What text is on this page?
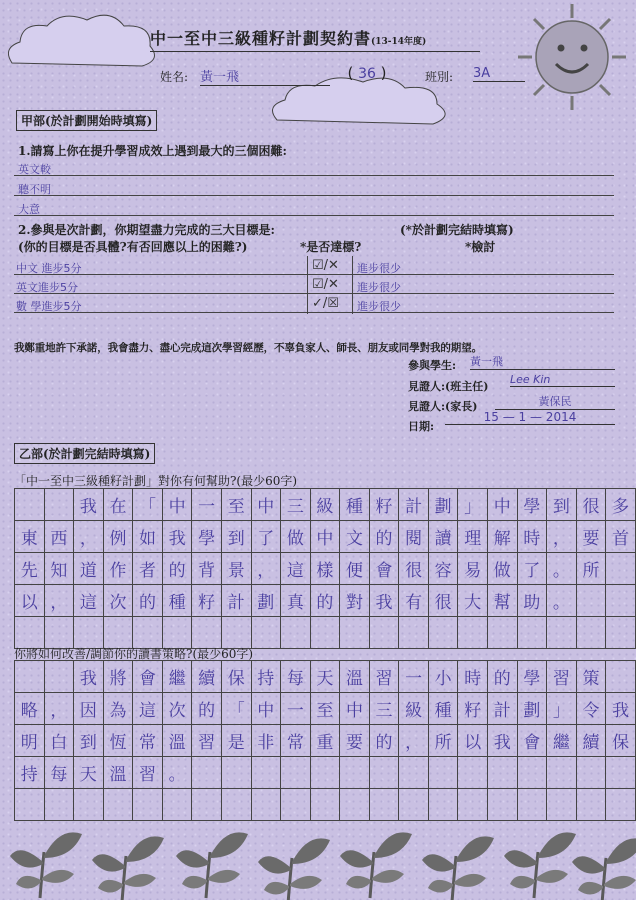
中一至中三級種籽計劃契約書(13-14年度)
姓名: 黃一飛	( 36 )	班別: 3A
甲部(於計劃開始時填寫)
1.請寫上你在提升學習成效上遇到最大的三個困難:
英文較
聽不明
大意
2.參與是次計劃，你期望盡力完成的三大目標是:	(*於計劃完結時填寫)
(你的目標是否具體?有否回應以上的困難?)	*是否達標?	*檢討
中文 進步5分	☑/✕ 進步很少
英文進步5分	☑/✕ 進步很少
數 學進步5分	✓/☒ 進步很少
我鄭重地許下承諾，我會盡力、盡心完成這次學習經歷，不辜負家人、師長、朋友或同學對我的期望。
參與學生: 黃一飛
見證人:(班主任)
Lee Kin
見證人:(家長)	黃保民
日期:
15 — 1 — 2014
乙部(於計劃完結時填寫)
「中一至中三級種籽計劃」對你有何幫助?(最少60字)
		我	在	「	中	一	至	中	三	級	種	籽	計	劃	」	中	學	到	很	多
東	西	，	例	如	我	學	到	了	做	中	文	的	閱	讀	理	解	時	，	要	首
先	知	道	作	者	的	背	景	，	這	樣	便	會	很	容	易	做	了	。	所	
以	，	這	次	的	種	籽	計	劃	真	的	對	我	有	很	大	幫	助	。		

你將如何改善/調節你的讀書策略?(最少60字)
		我	將	會	繼	續	保	持	每	天	溫	習	一	小	時	的	學	習	策	
略	，	因	為	這	次	的	「	中	一	至	中	三	級	種	籽	計	劃	」	令	我
明	白	到	恆	常	溫	習	是	非	常	重	要	的	，	所	以	我	會	繼	續	保
持	每	天	溫	習	。															
